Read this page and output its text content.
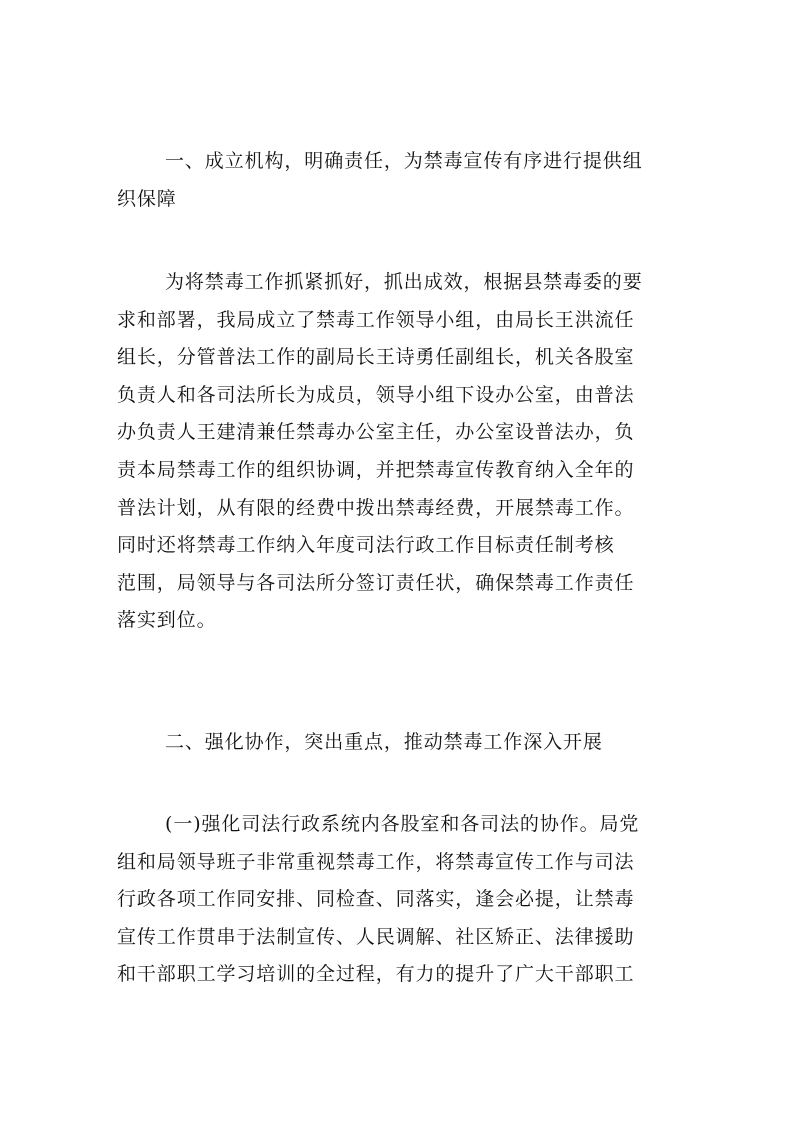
一、成立机构，明确责任，为禁毒宣传有序进行提供组
织保障
为将禁毒工作抓紧抓好，抓出成效，根据县禁毒委的要
求和部署，我局成立了禁毒工作领导小组，由局长王洪流任
组长，分管普法工作的副局长王诗勇任副组长，机关各股室
负责人和各司法所长为成员，领导小组下设办公室，由普法
办负责人王建清兼任禁毒办公室主任，办公室设普法办，负
责本局禁毒工作的组织协调，并把禁毒宣传教育纳入全年的
普法计划，从有限的经费中拨出禁毒经费，开展禁毒工作。
同时还将禁毒工作纳入年度司法行政工作目标责任制考核
范围，局领导与各司法所分签订责任状，确保禁毒工作责任
落实到位。
二、强化协作，突出重点，推动禁毒工作深入开展
(一)强化司法行政系统内各股室和各司法的协作。局党
组和局领导班子非常重视禁毒工作，将禁毒宣传工作与司法
行政各项工作同安排、同检查、同落实，逢会必提，让禁毒
宣传工作贯串于法制宣传、人民调解、社区矫正、法律援助
和干部职工学习培训的全过程，有力的提升了广大干部职工
